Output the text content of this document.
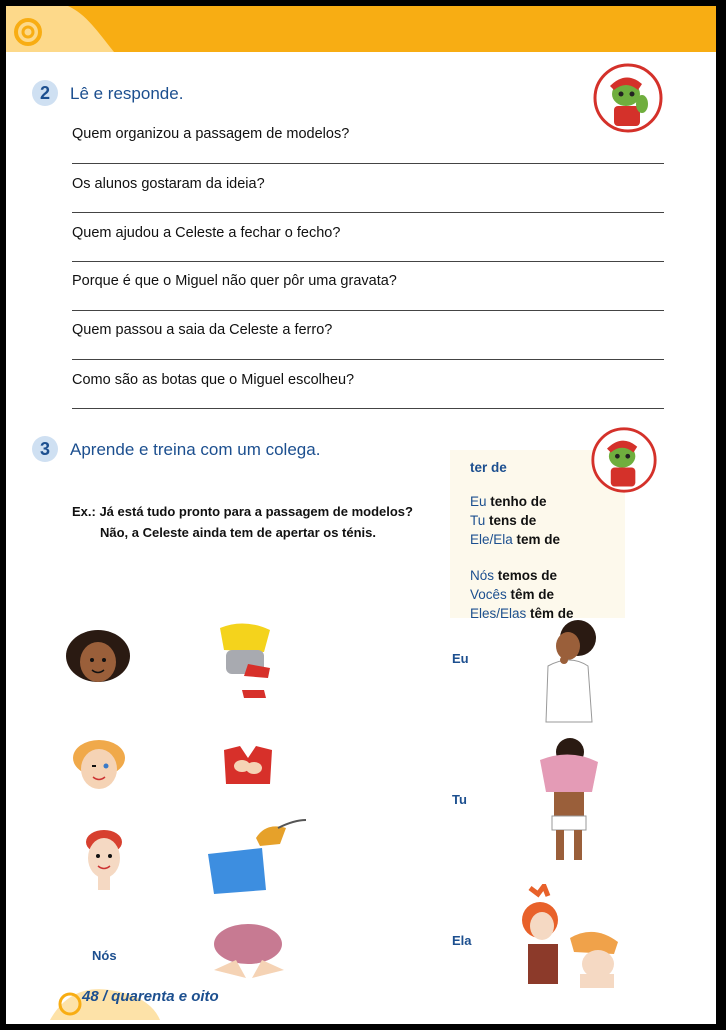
2	Lê e responde.
Quem organizou a passagem de modelos?
Os alunos gostaram da ideia?
Quem ajudou a Celeste a fechar o fecho?
Porque é que o Miguel não quer pôr uma gravata?
Quem passou a saia da Celeste a ferro?
Como são as botas que o Miguel escolheu?
3	Aprende e treina com um colega.
Ex.: Já está tudo pronto para a passagem de modelos?
Não, a Celeste ainda tem de apertar os ténis.
ter de
Eu tenho de
Tu tens de
Ele/Ela tem de
Nós temos de
Vocês têm de
Eles/Elas têm de
Eu
Tu
Ela
Nós
48 / quarenta e oito
